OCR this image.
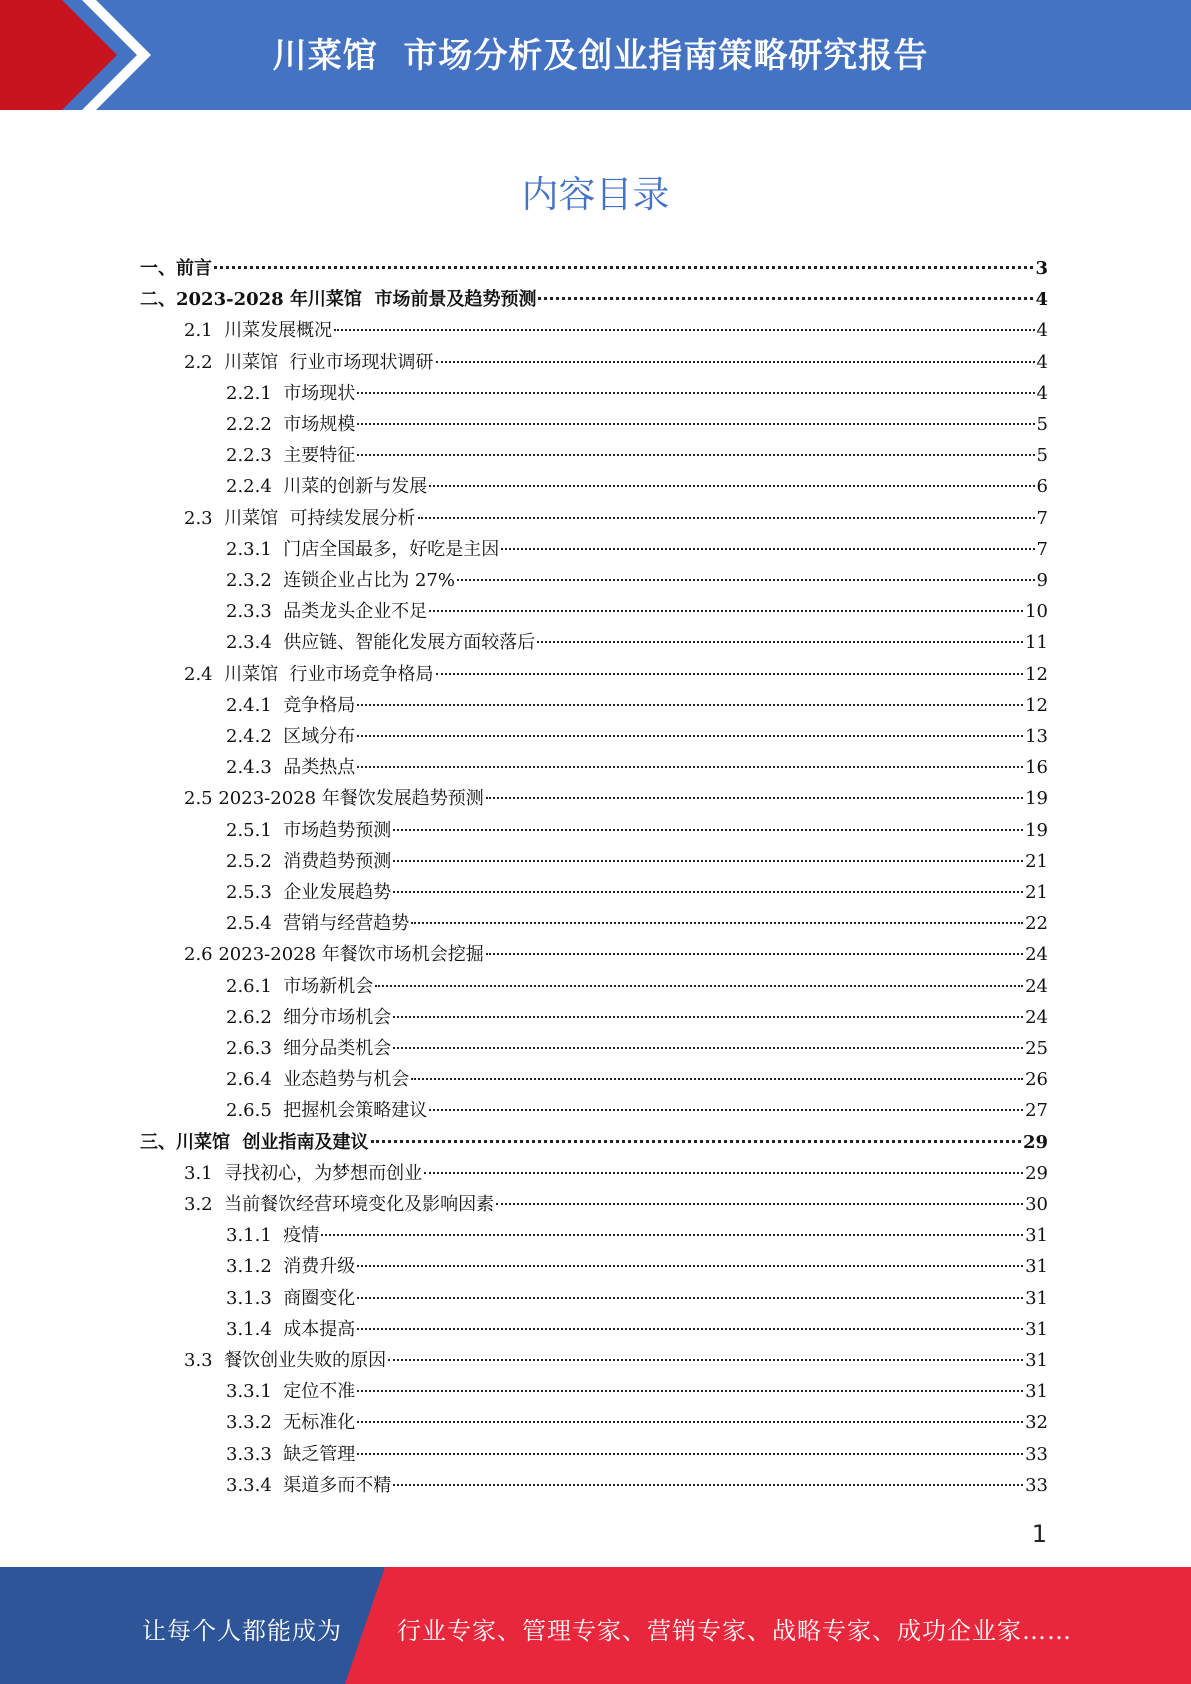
川菜馆  市场分析及创业指南策略研究报告
内容目录
一、前言	3
二、2023-2028 年川菜馆  市场前景及趋势预测	4
2.1  川菜发展概况	4
2.2  川菜馆  行业市场现状调研	4
2.2.1  市场现状	4
2.2.2  市场规模	5
2.2.3  主要特征	5
2.2.4  川菜的创新与发展	6
2.3  川菜馆  可持续发展分析	7
2.3.1  门店全国最多，好吃是主因	7
2.3.2  连锁企业占比为 27%	9
2.3.3  品类龙头企业不足	10
2.3.4  供应链、智能化发展方面较落后	11
2.4  川菜馆  行业市场竞争格局	12
2.4.1  竞争格局	12
2.4.2  区域分布	13
2.4.3  品类热点	16
2.5 2023-2028 年餐饮发展趋势预测	19
2.5.1  市场趋势预测	19
2.5.2  消费趋势预测	21
2.5.3  企业发展趋势	21
2.5.4  营销与经营趋势	22
2.6 2023-2028 年餐饮市场机会挖掘	24
2.6.1  市场新机会	24
2.6.2  细分市场机会	24
2.6.3  细分品类机会	25
2.6.4  业态趋势与机会	26
2.6.5  把握机会策略建议	27
三、川菜馆  创业指南及建议	29
3.1  寻找初心，为梦想而创业	29
3.2  当前餐饮经营环境变化及影响因素	30
3.1.1  疫情	31
3.1.2  消费升级	31
3.1.3  商圈变化	31
3.1.4  成本提高	31
3.3  餐饮创业失败的原因	31
3.3.1  定位不准	31
3.3.2  无标准化	32
3.3.3  缺乏管理	33
3.3.4  渠道多而不精	33
1
让每个人都能成为 行业专家、管理专家、营销专家、战略专家、成功企业家……
